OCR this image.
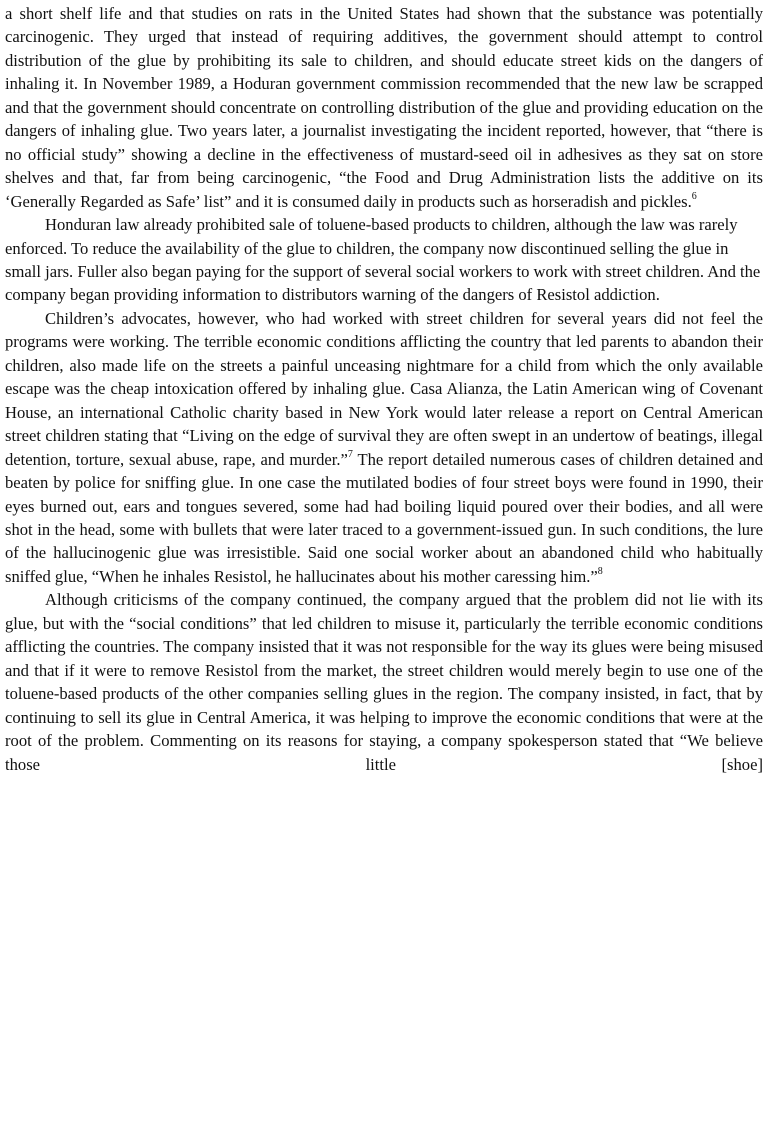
a short shelf life and that studies on rats in the United States had shown that the substance was potentially carcinogenic. They urged that instead of requiring additives, the government should attempt to control distribution of the glue by prohibiting its sale to children, and should educate street kids on the dangers of inhaling it. In November 1989, a Hoduran government commission recommended that the new law be scrapped and that the government should concentrate on controlling distribution of the glue and providing education on the dangers of inhaling glue. Two years later, a journalist investigating the incident reported, however, that “there is no official study” showing a decline in the effectiveness of mustard-seed oil in adhesives as they sat on store shelves and that, far from being carcinogenic, “the Food and Drug Administration lists the additive on its ‘Generally Regarded as Safe’ list” and it is consumed daily in products such as horseradish and pickles.$^6$

Honduran law already prohibited sale of toluene-based products to children, although the law was rarely enforced. To reduce the availability of the glue to children, the company now discontinued selling the glue in small jars. Fuller also began paying for the support of several social workers to work with street children. And the company began providing information to distributors warning of the dangers of Resistol addiction.

Children’s advocates, however, who had worked with street children for several years did not feel the programs were working. The terrible economic conditions afflicting the country that led parents to abandon their children, also made life on the streets a painful unceasing nightmare for a child from which the only available escape was the cheap intoxication offered by inhaling glue. Casa Alianza, the Latin American wing of Covenant House, an international Catholic charity based in New York would later release a report on Central American street children stating that “Living on the edge of survival they are often swept in an undertow of beatings, illegal detention, torture, sexual abuse, rape, and murder.”$^7$ The report detailed numerous cases of children detained and beaten by police for sniffing glue. In one case the mutilated bodies of four street boys were found in 1990, their eyes burned out, ears and tongues severed, some had had boiling liquid poured over their bodies, and all were shot in the head, some with bullets that were later traced to a government-issued gun. In such conditions, the lure of the hallucinogenic glue was irresistible. Said one social worker about an abandoned child who habitually sniffed glue, “When he inhales Resistol, he hallucinates about his mother caressing him.”$^8$

Although criticisms of the company continued, the company argued that the problem did not lie with its glue, but with the “social conditions” that led children to misuse it, particularly the terrible economic conditions afflicting the countries. The company insisted that it was not responsible for the way its glues were being misused and that if it were to remove Resistol from the market, the street children would merely begin to use one of the toluene-based products of the other companies selling glues in the region. The company insisted, in fact, that by continuing to sell its glue in Central America, it was helping to improve the economic conditions that were at the root of the problem. Commenting on its reasons for staying, a company spokesperson stated that “We believe those little [shoe]
